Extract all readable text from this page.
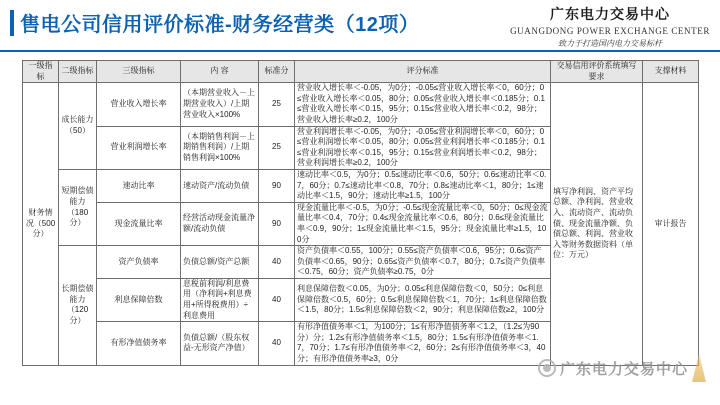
售电公司信用评价标准-财务经营类（12项）	广东电力交易中心
GUANGDONG POWER EXCHANGE CENTER
致力于打造国内电力交易标杆
一级指标	二级指标	三级指标	内 容	标准分	评分标准	交易信用评价系统填写要求	支撑材料
财务情况（500分）	成长能力（50）	营业收入增长率	（本期营业收入－上期营业收入）/上期营业收入×100%	25	营业收入增长率＜-0.05，为0分；-0.05≤营业收入增长率＜0，60分；0≤营业收入增长率＜0.05，80分；0.05≤营业收入增长率＜0.185分；0.1≤营业收入增长率＜0.15，95分；0.15≤营业收入增长率＜0.2，98分；营业收入增长率≥0.2，100分	填写净利润、资产平均总额、净利润、营业收入、流动资产、流动负债、现金流量净额、负债总额、利润、营业收入等财务数据资料（单位：万元）	审计报告
		营业利润增长率	（本期销售利润－上期销售利润）/上期销售利润×100%	25	营业利润增长率＜-0.05，为0分；-0.05≤营业利润增长率＜0，60分；0≤营业利润增长率＜0.05，80分；0.05≤营业利润增长率＜0.185分；0.1≤营业利润增长率＜0.15，95分；0.15≤营业利润增长率＜0.2，98分；营业利润增长率≥0.2，100分		
	短期偿债能力（180分）	速动比率	速动资产/流动负债	90	速动比率＜0.5，为0分；0.5≤速动比率＜0.6，50分；0.6≤速动比率＜0.7，60分；0.7≤速动比率＜0.8，70分；0.8≤速动比率＜1，80分；1≤速动比率＜1.5，90分；速动比率≥1.5，100分		
		现金流量比率	经营活动现金流量净额/流动负债	90	现金流量比率＜-0.5，为0分；-0.5≤现金流量比率＜0，50分；0≤现金流量比率＜0.4，70分；0.4≤现金流量比率＜0.6，80分；0.6≤现金流量比率＜0.9，90分；1≤现金流量比率＜1.5，95分；现金流量比率≥1.5，100分		
	长期偿债能力（120分）	资产负债率	负债总额/资产总额	40	资产负债率＜0.55，100分；0.55≤资产负债率＜0.6，95分；0.6≤资产负债率＜0.65，90分；0.65≤资产负债率＜0.7，80分；0.7≤资产负债率＜0.75，60分；资产负债率≥0.75，0分		
		利息保障倍数	息税前利润/利息费用（净利润+利息费用+所得税费用）÷利息费用	40	利息保障倍数＜0.05，为0分；0.05≤利息保障倍数＜0，50分；0≤利息保障倍数＜0.5，60分；0.5≤利息保障倍数＜1，70分；1≤利息保障倍数＜1.5，80分；1.5≤利息保障倍数＜2，90分；利息保障倍数≥2，100分		
		有形净值债务率	负债总额/（股东权益-无形资产净值）	40	有形净值债务率＜1，为100分；1≤有形净值债务率＜1.2，（1.2≤为90分）分；1.2≤有形净值债务率＜1.5，80分；1.5≤有形净值债务率＜1.7，70分；1.7≤有形净值债务率＜2，60分；2≤有形净值债务率＜3，40分；有形净值债务率≥3，0分		
广东电力交易中心
